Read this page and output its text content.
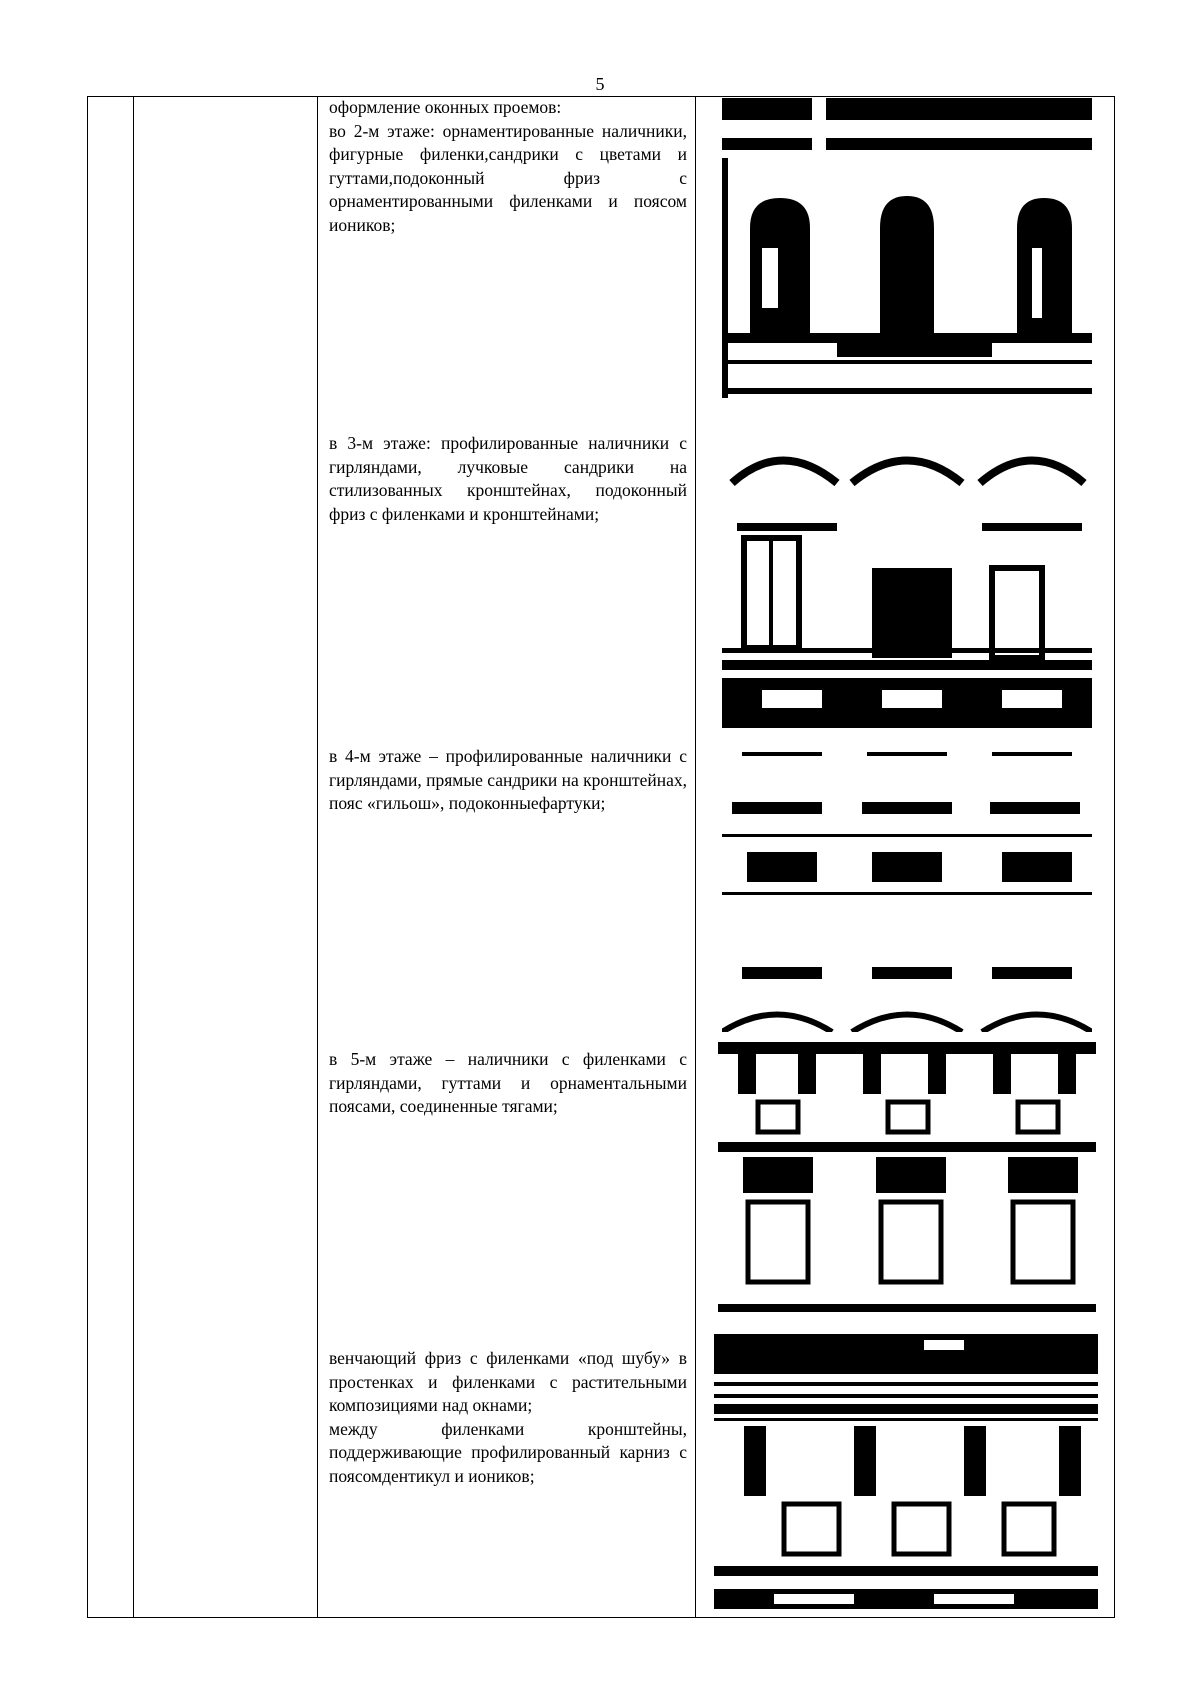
5

оформление оконных проемов:

во 2-м этаже: орнаментированные наличники, фигурные филенки,сандрики с цветами и гуттами,подоконный фриз с орнаментированными филенками и поясом иоников;

в 3-м этаже: профилированные наличники с гирляндами, лучковые сандрики на стилизованных кронштейнах, подоконный фриз с филенками и кронштейнами;

в 4-м этаже – профилированные наличники с гирляндами, прямые сандрики на кронштейнах, пояс «гильош», подоконныефартуки;

в 5-м этаже – наличники с филенками с гирляндами, гуттами и орнаментальными поясами, соединенные тягами;

венчающий фриз с филенками «под шубу» в простенках и филенками с растительными композициями над окнами;

между филенками кронштейны, поддерживающие профилированный карниз с поясомдентикул и иоников;
